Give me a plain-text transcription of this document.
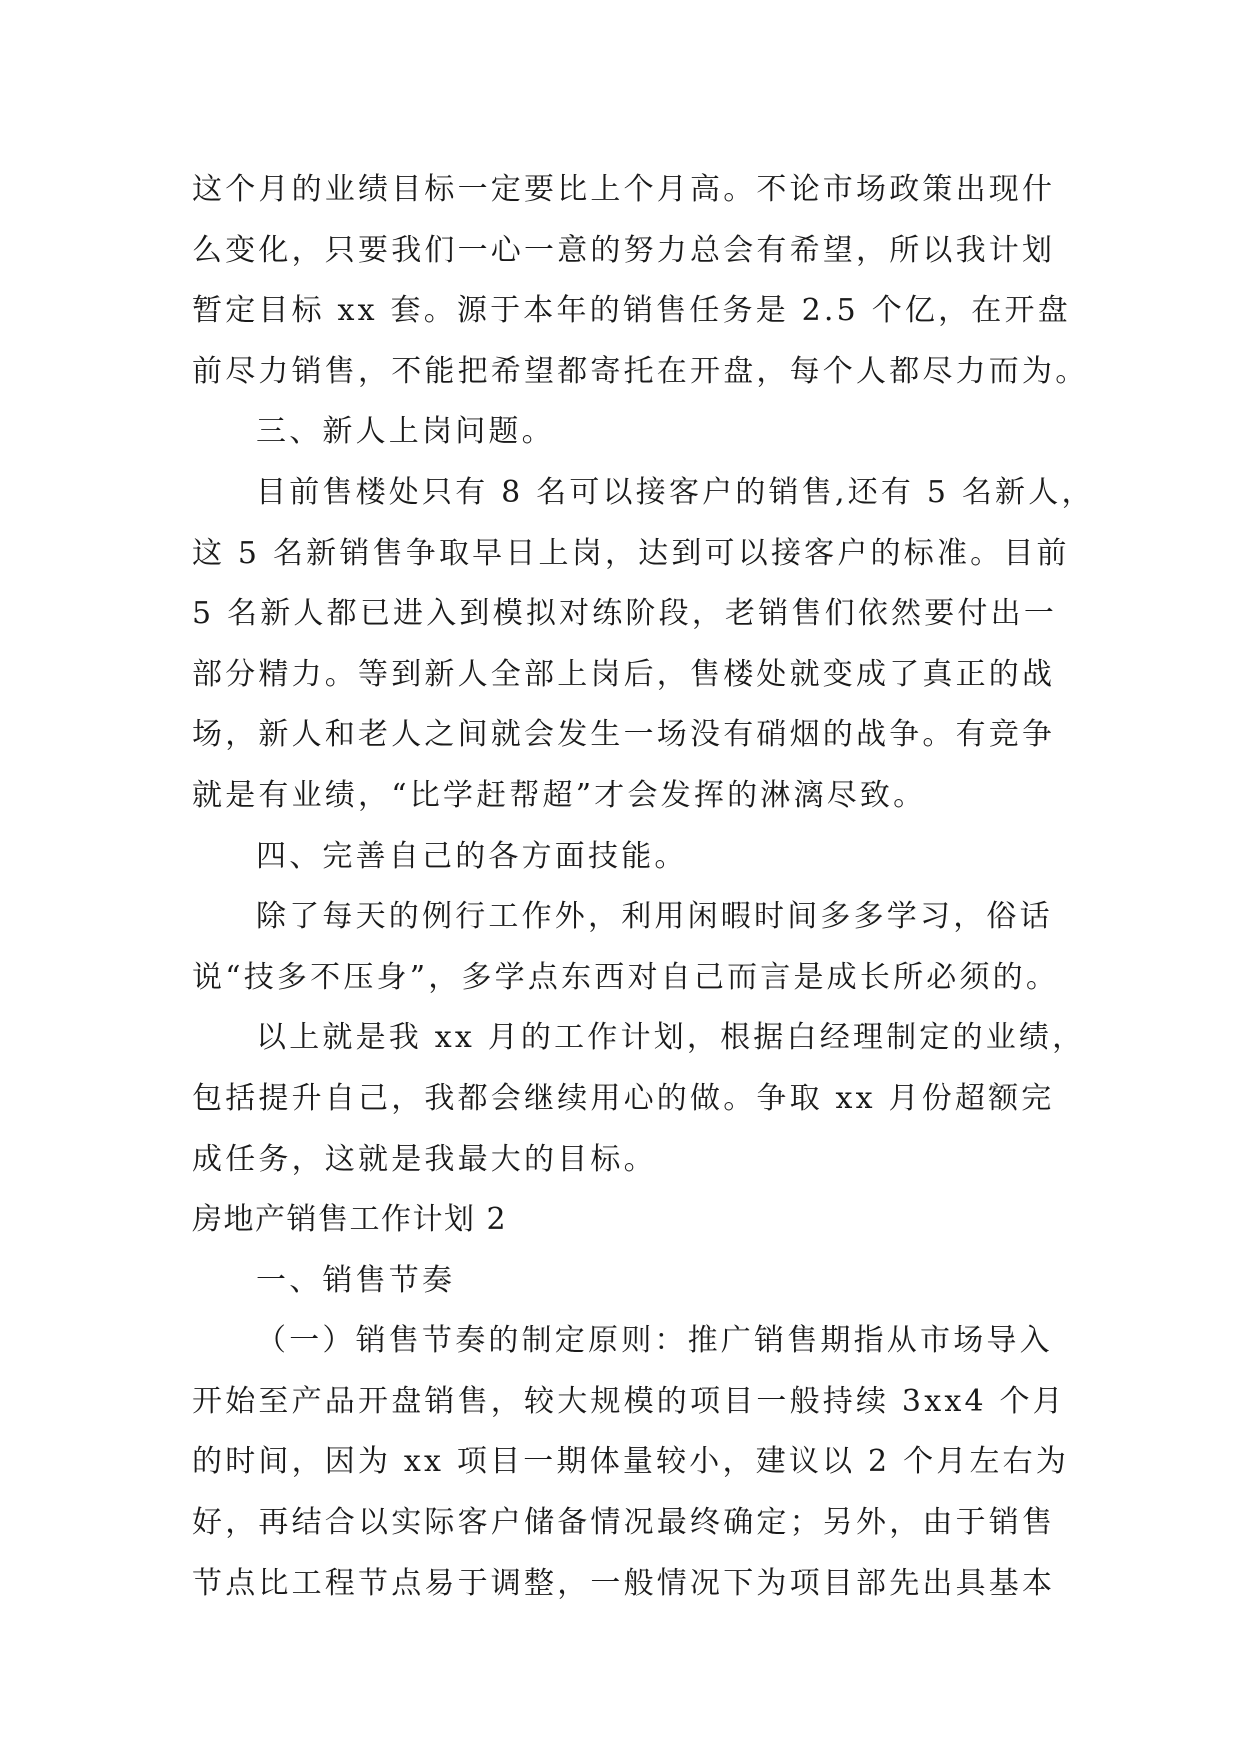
这个月的业绩目标一定要比上个月高。不论市场政策出现什
么变化，只要我们一心一意的努力总会有希望，所以我计划
暂定目标 xx 套。源于本年的销售任务是 2.5 个亿，在开盘
前尽力销售，不能把希望都寄托在开盘，每个人都尽力而为。
三、新人上岗问题。
目前售楼处只有 8 名可以接客户的销售,还有 5 名新人，
这 5 名新销售争取早日上岗，达到可以接客户的标准。目前
5 名新人都已进入到模拟对练阶段，老销售们依然要付出一
部分精力。等到新人全部上岗后，售楼处就变成了真正的战
场，新人和老人之间就会发生一场没有硝烟的战争。有竞争
就是有业绩，“比学赶帮超”才会发挥的淋漓尽致。
四、完善自己的各方面技能。
除了每天的例行工作外，利用闲暇时间多多学习，俗话
说“技多不压身”，多学点东西对自己而言是成长所必须的。
以上就是我 xx 月的工作计划，根据白经理制定的业绩，
包括提升自己，我都会继续用心的做。争取 xx 月份超额完
成任务，这就是我最大的目标。
房地产销售工作计划 2
一、销售节奏
（一）销售节奏的制定原则：推广销售期指从市场导入
开始至产品开盘销售，较大规模的项目一般持续 3xx4 个月
的时间，因为 xx 项目一期体量较小，建议以 2 个月左右为
好，再结合以实际客户储备情况最终确定；另外，由于销售
节点比工程节点易于调整，一般情况下为项目部先出具基本
